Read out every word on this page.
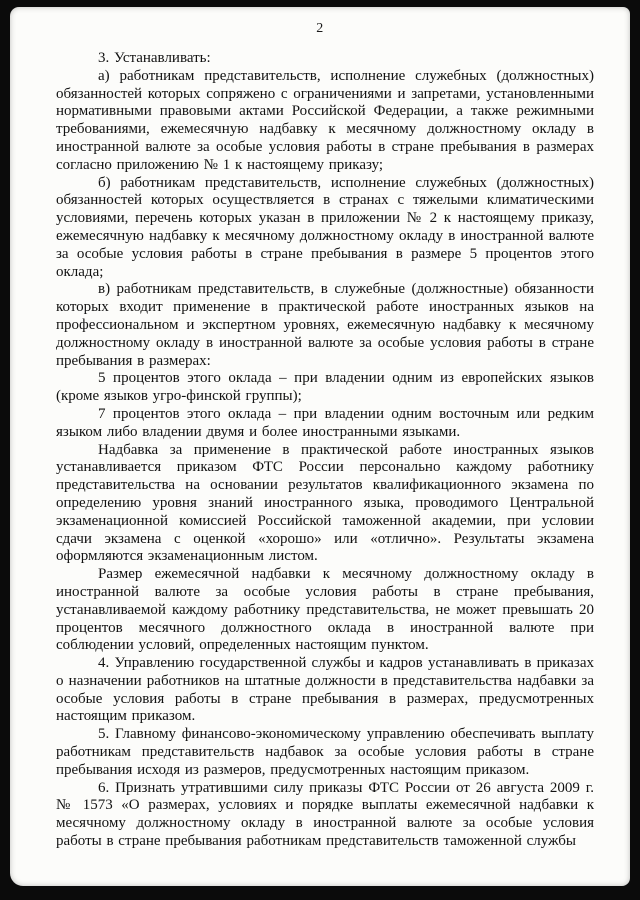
2

3. Устанавливать:

а) работникам представительств, исполнение служебных (должностных) обязанностей которых сопряжено с ограничениями и запретами, установленными нормативными правовыми актами Российской Федерации, а также режимными требованиями, ежемесячную надбавку к месячному должностному окладу в иностранной валюте за особые условия работы в стране пребывания в размерах согласно приложению № 1 к настоящему приказу;

б) работникам представительств, исполнение служебных (должностных) обязанностей которых осуществляется в странах с тяжелыми климатическими условиями, перечень которых указан в приложении № 2 к настоящему приказу, ежемесячную надбавку к месячному должностному окладу в иностранной валюте за особые условия работы в стране пребывания в размере 5 процентов этого оклада;

в) работникам представительств, в служебные (должностные) обязанности которых входит применение в практической работе иностранных языков на профессиональном и экспертном уровнях, ежемесячную надбавку к месячному должностному окладу в иностранной валюте за особые условия работы в стране пребывания в размерах:

5 процентов этого оклада – при владении одним из европейских языков (кроме языков угро-финской группы);

7 процентов этого оклада – при владении одним восточным или редким языком либо владении двумя и более иностранными языками.

Надбавка за применение в практической работе иностранных языков устанавливается приказом ФТС России персонально каждому работнику представительства на основании результатов квалификационного экзамена по определению уровня знаний иностранного языка, проводимого Центральной экзаменационной комиссией Российской таможенной академии, при условии сдачи экзамена с оценкой «хорошо» или «отлично». Результаты экзамена оформляются экзаменационным листом.

Размер ежемесячной надбавки к месячному должностному окладу в иностранной валюте за особые условия работы в стране пребывания, устанавливаемой каждому работнику представительства, не может превышать 20 процентов месячного должностного оклада в иностранной валюте при соблюдении условий, определенных настоящим пунктом.

4. Управлению государственной службы и кадров устанавливать в приказах о назначении работников на штатные должности в представительства надбавки за особые условия работы в стране пребывания в размерах, предусмотренных настоящим приказом.

5. Главному финансово-экономическому управлению обеспечивать выплату работникам представительств надбавок за особые условия работы в стране пребывания исходя из размеров, предусмотренных настоящим приказом.

6. Признать утратившими силу приказы ФТС России от 26 августа 2009 г. № 1573 «О размерах, условиях и порядке выплаты ежемесячной надбавки к месячному должностному окладу в иностранной валюте за особые условия работы в стране пребывания работникам представительств таможенной службы
